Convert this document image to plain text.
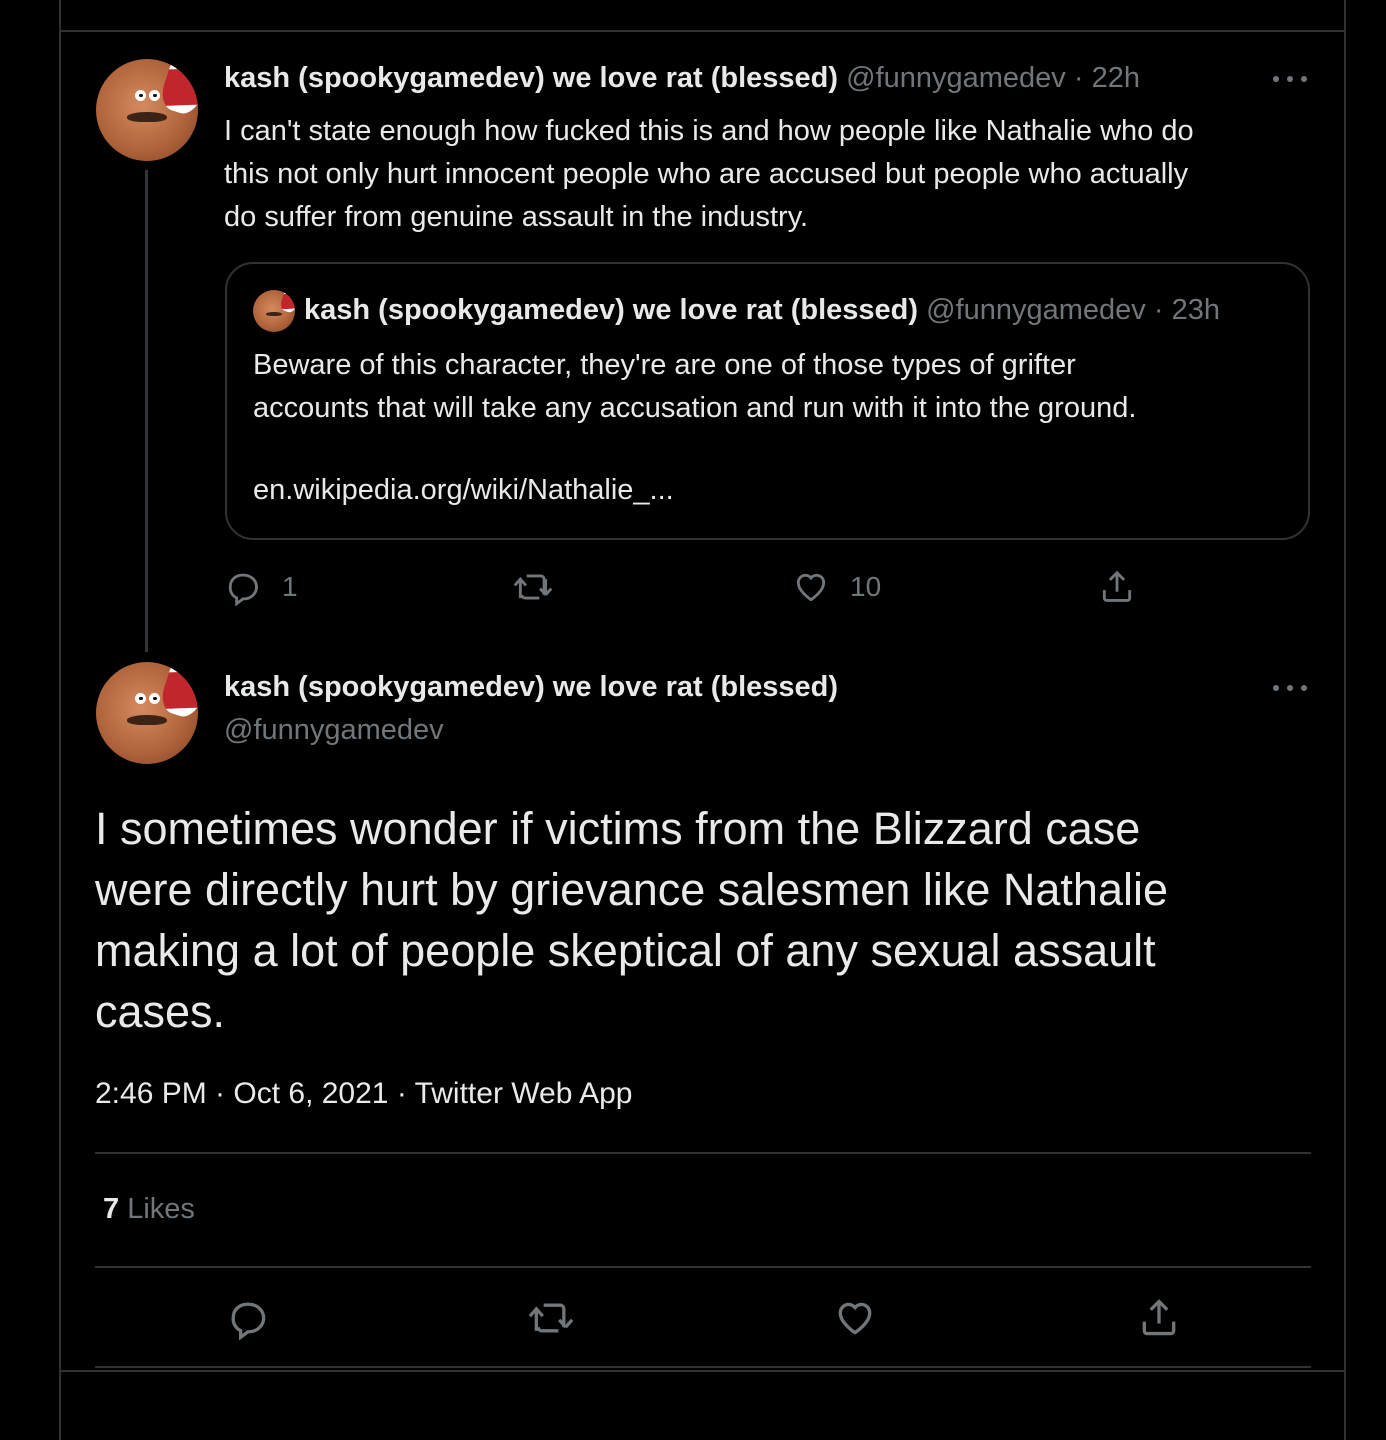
kash (spookygamedev) we love rat (blessed) @funnygamedev · 22h
I can't state enough how fucked this is and how people like Nathalie who do
this not only hurt innocent people who are accused but people who actually
do suffer from genuine assault in the industry.
kash (spookygamedev) we love rat (blessed) @funnygamedev · 23h
Beware of this character, they're are one of those types of grifter
accounts that will take any accusation and run with it into the ground.
en.wikipedia.org/wiki/Nathalie_...
1	10
kash (spookygamedev) we love rat (blessed)
@funnygamedev
I sometimes wonder if victims from the Blizzard case
were directly hurt by grievance salesmen like Nathalie
making a lot of people skeptical of any sexual assault
cases.
2:46 PM · Oct 6, 2021 · Twitter Web App
7 Likes
